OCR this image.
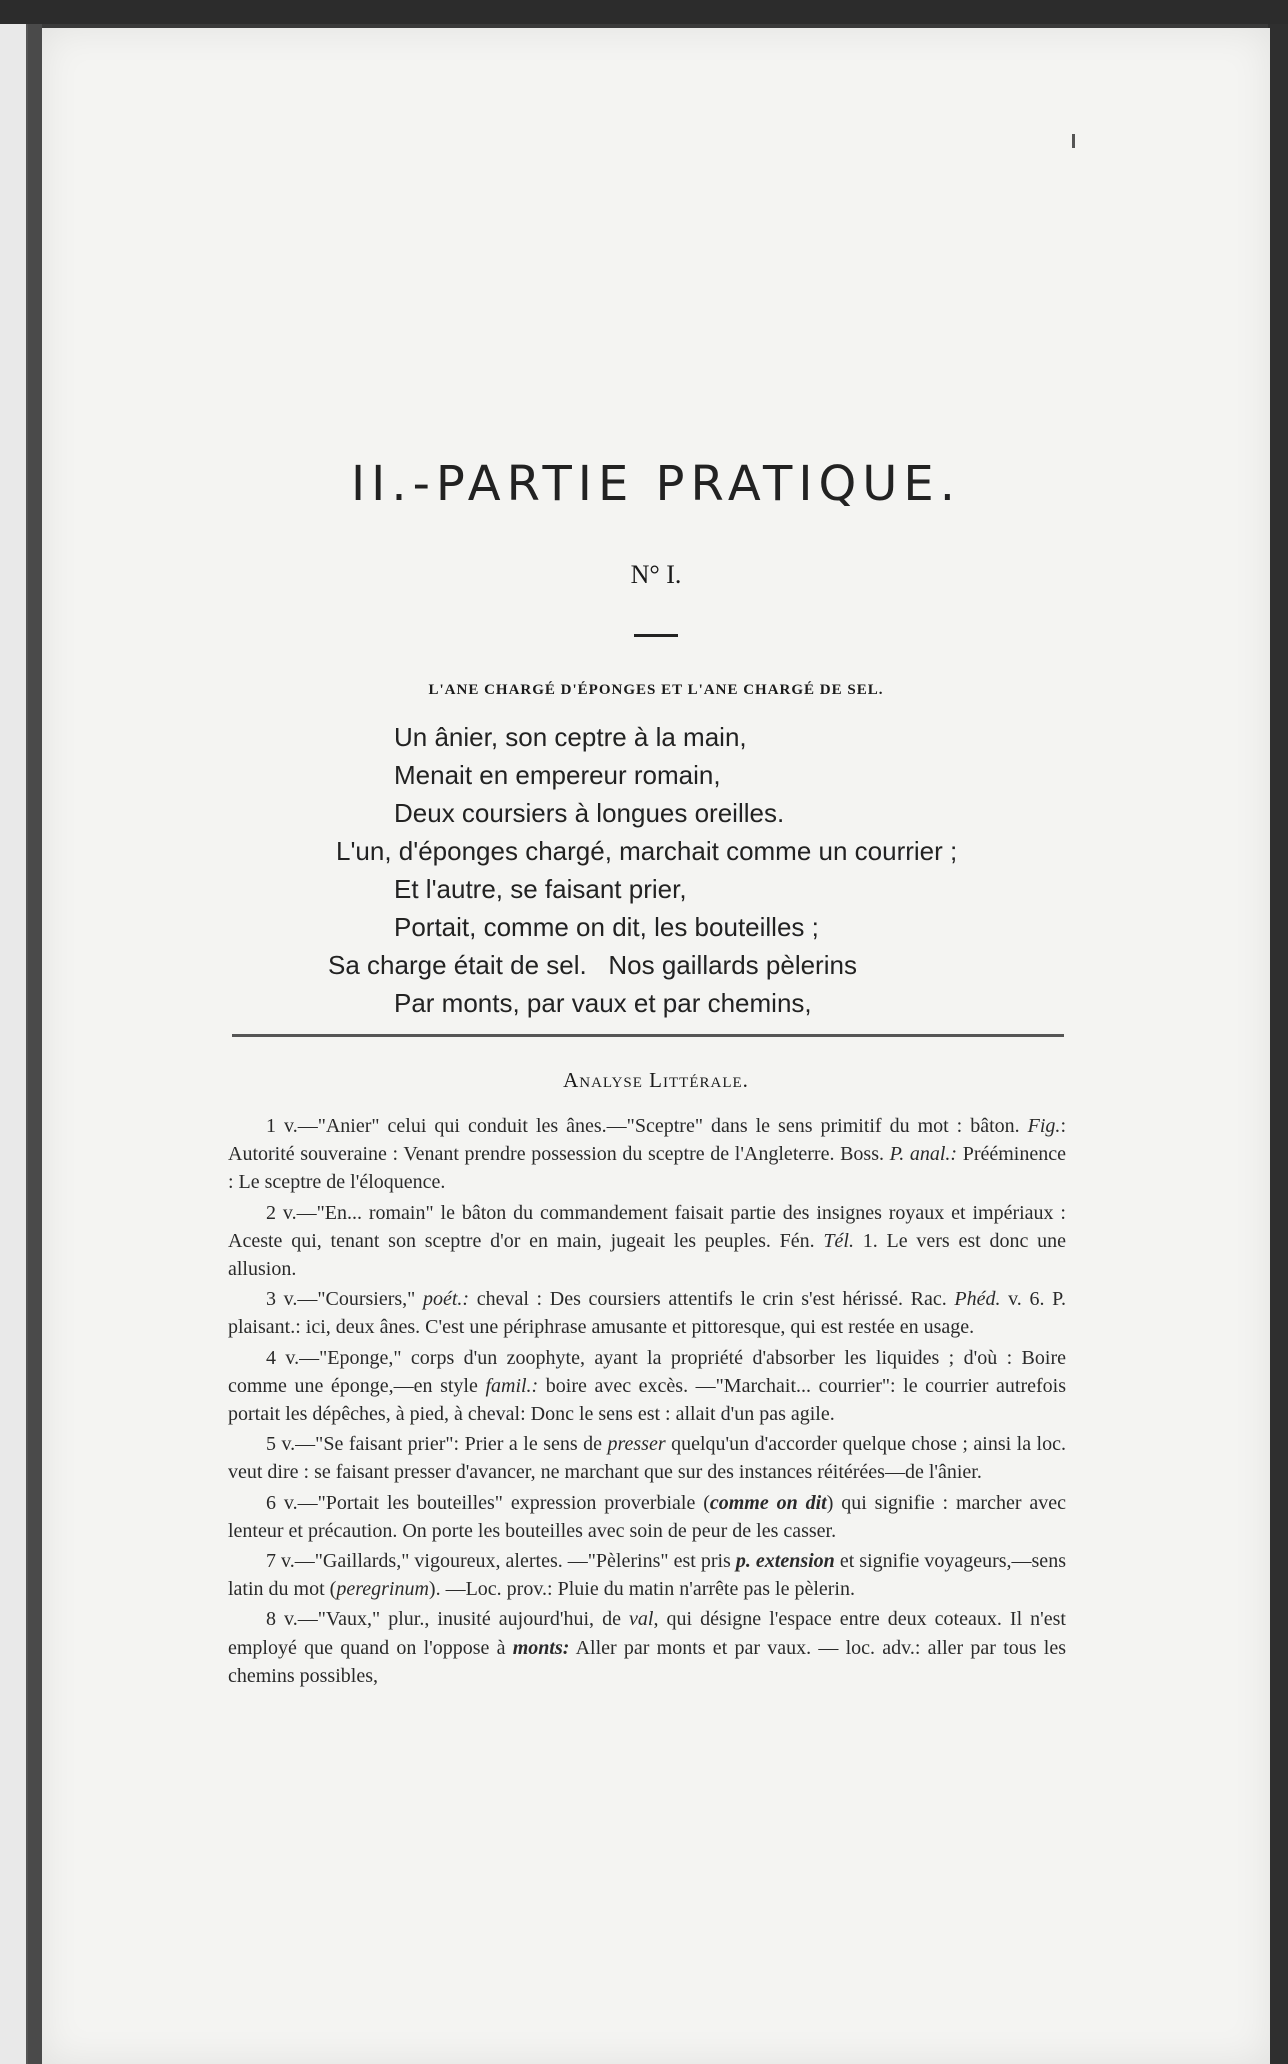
II.-PARTIE PRATIQUE.
N° I.
L'ANE CHARGÉ D'ÉPONGES ET L'ANE CHARGÉ DE SEL.
Un ânier, son ceptre à la main,
Menait en empereur romain,
Deux coursiers à longues oreilles.
L'un, d'éponges chargé, marchait comme un courrier ;
Et l'autre, se faisant prier,
Portait, comme on dit, les bouteilles ;
Sa charge était de sel.   Nos gaillards pèlerins
Par monts, par vaux et par chemins,
Analyse Littérale.

1 v.—"Anier" celui qui conduit les ânes.—"Sceptre" dans le sens primitif du mot : bâton. Fig.: Autorité souveraine : Venant prendre possession du sceptre de l'Angleterre. Boss. P. anal.: Prééminence : Le sceptre de l'éloquence.

2 v.—"En... romain" le bâton du commandement faisait partie des insignes royaux et impériaux : Aceste qui, tenant son sceptre d'or en main, jugeait les peuples. Fén. Tél. 1. Le vers est donc une allusion.

3 v.—"Coursiers," poét.: cheval : Des coursiers attentifs le crin s'est hérissé. Rac. Phéd. v. 6. P. plaisant.: ici, deux ânes. C'est une périphrase amusante et pittoresque, qui est restée en usage.

4 v.—"Eponge," corps d'un zoophyte, ayant la propriété d'absorber les liquides ; d'où : Boire comme une éponge,—en style famil.: boire avec excès. —"Marchait... courrier": le courrier autrefois portait les dépêches, à pied, à cheval: Donc le sens est : allait d'un pas agile.

5 v.—"Se faisant prier": Prier a le sens de presser quelqu'un d'accorder quelque chose ; ainsi la loc. veut dire : se faisant presser d'avancer, ne marchant que sur des instances réitérées—de l'ânier.

6 v.—"Portait les bouteilles" expression proverbiale (comme on dit) qui signifie : marcher avec lenteur et précaution. On porte les bouteilles avec soin de peur de les casser.

7 v.—"Gaillards," vigoureux, alertes. —"Pèlerins" est pris p. extension et signifie voyageurs,—sens latin du mot (peregrinum). —Loc. prov.: Pluie du matin n'arrête pas le pèlerin.

8 v.—"Vaux," plur., inusité aujourd'hui, de val, qui désigne l'espace entre deux coteaux. Il n'est employé que quand on l'oppose à monts: Aller par monts et par vaux. — loc. adv.: aller par tous les chemins possibles,
